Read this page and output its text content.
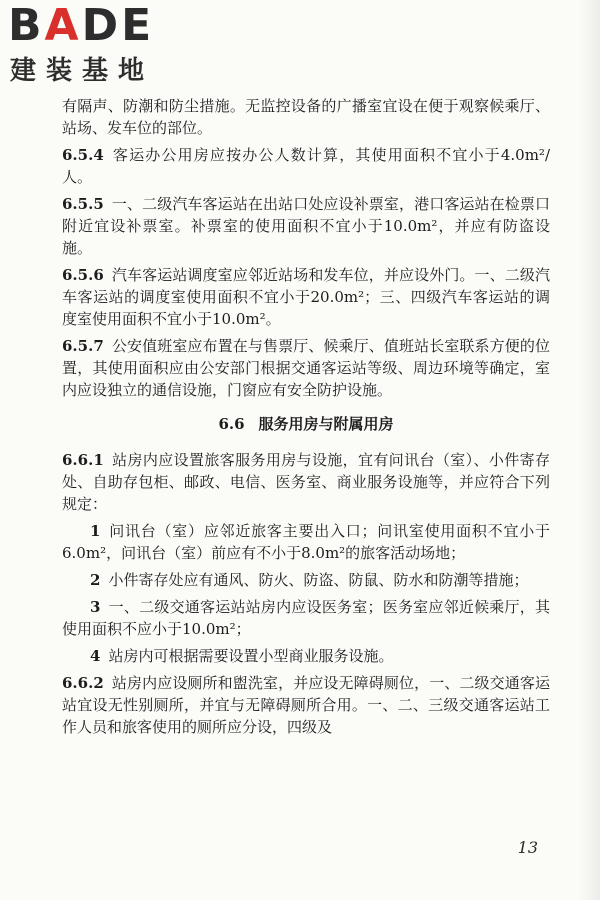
BADE
建装基地

有隔声、防潮和防尘措施。无监控设备的广播室宜设在便于观察候乘厅、站场、发车位的部位。

6.5.4 客运办公用房应按办公人数计算，其使用面积不宜小于4.0m²/人。

6.5.5 一、二级汽车客运站在出站口处应设补票室，港口客运站在检票口附近宜设补票室。补票室的使用面积不宜小于10.0m²，并应有防盗设施。

6.5.6 汽车客运站调度室应邻近站场和发车位，并应设外门。一、二级汽车客运站的调度室使用面积不宜小于20.0m²；三、四级汽车客运站的调度室使用面积不宜小于10.0m²。

6.5.7 公安值班室应布置在与售票厅、候乘厅、值班站长室联系方便的位置，其使用面积应由公安部门根据交通客运站等级、周边环境等确定，室内应设独立的通信设施，门窗应有安全防护设施。

6.6 服务用房与附属用房

6.6.1 站房内应设置旅客服务用房与设施，宜有问讯台（室）、小件寄存处、自助存包柜、邮政、电信、医务室、商业服务设施等，并应符合下列规定：

1 问讯台（室）应邻近旅客主要出入口；问讯室使用面积不宜小于6.0m²，问讯台（室）前应有不小于8.0m²的旅客活动场地；

2 小件寄存处应有通风、防火、防盗、防鼠、防水和防潮等措施；

3 一、二级交通客运站站房内应设医务室；医务室应邻近候乘厅，其使用面积不应小于10.0m²；

4 站房内可根据需要设置小型商业服务设施。

6.6.2 站房内应设厕所和盥洗室，并应设无障碍厕位，一、二级交通客运站宜设无性别厕所，并宜与无障碍厕所合用。一、二、三级交通客运站工作人员和旅客使用的厕所应分设，四级及

13
